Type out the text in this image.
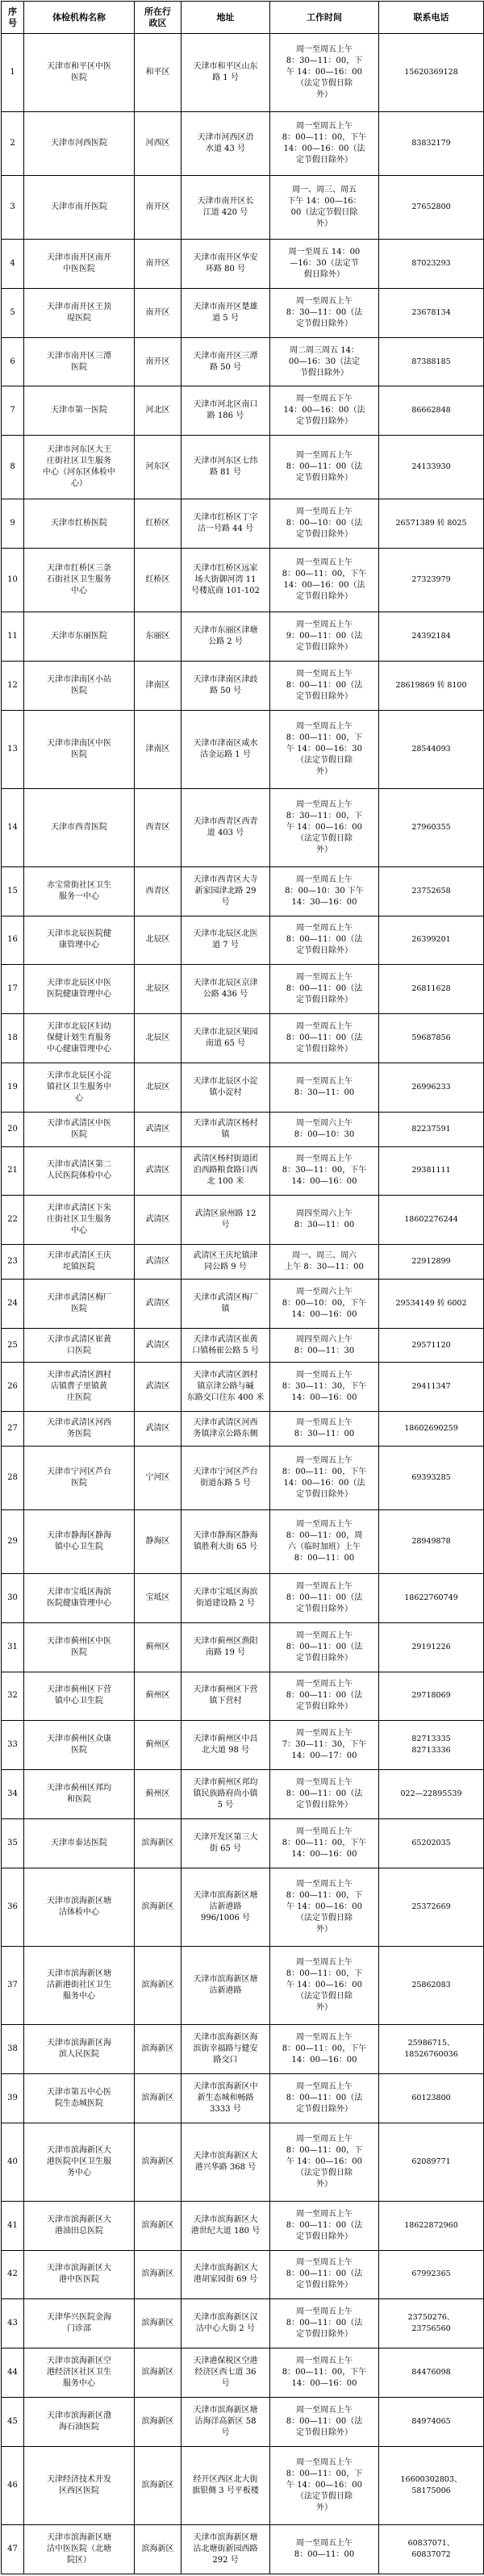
序
号	体检机构名称	所在行
政区	地址	工作时间	联系电话
1	天津市和平区中医
医院	和平区	天津市和平区山东
路 1 号	周一至周五上午
8：30—11：00，下
午 14：00—16：00
（法定节假日除
外）	15620369128
2	天津市河西医院	河西区	天津市河西区浯
水道 43 号	周一至周五上午
8：00—11：00，下午
14：00—16：00（法
定节假日除外）	83832179
3	天津市南开医院	南开区	天津市南开区长
江道 420 号	周一、周三、周五
下午 14：00—16：
00（法定节假日除
外）	27652800
4	天津市南开区南开
中医医院	南开区	天津市南开区华安
环路 80 号	周一至周五 14：00
—16：30（法定节
假日除外）	87023293
5	天津市南开区王顶
堤医院	南开区	天津市南开区楚雄
道 5 号	周一至周五上午
8：30—11：00（法
定节假日除外）	23678134
6	天津市南开区三潭
医院	南开区	天津市南开区三潭
路 50 号	周二周三周五 14：
00—16：30（法定
节假日除外）	87388185
7	天津市第一医院	河北区	天津市河北区南口
路 186 号	周一至周五下午
14：00—16：00（法
定节假日除外）	86662848
8	天津市河东区大王
庄街社区卫生服务
中心（河东区体检中
心）	河东区	天津市河东区七纬
路 81 号	周一至周五上午
8：00—11：00（法
定节假日除外）	24133930
9	天津市红桥医院	红桥区	天津市红桥区丁字
沽一号路 44 号	周一至周五上午
8：00—10：00（法
定节假日除外）	26571389 转 8025
10	天津市红桥区三条
石街社区卫生服务
中心	红桥区	天津市红桥区远家
场大街御河湾 11
号楼底商 101-102	周一至周五上午
8：00—11：00，下午
14：00—16：00（法
定节假日除外）	27323979
11	天津市东丽医院	东丽区	天津市东丽区津塘
公路 2 号	周一至周五上午
9：00—11：00（法
定节假日除外）	24392184
12	天津市津南区小站
医院	津南区	天津市津南区津歧
路 50 号	周一至周五上午
8：00—11：00（法
定节假日除外）	28619869 转 8100
13	天津市津南区中医
医院	津南区	天津市津南区咸水
沽金运路 1 号	周一至周五上午
8：00—11：00，下
午 14：00—16：30
（法定节假日除
外）	28544093
14	天津市西青医院	西青区	天津市西青区西青
道 403 号	周一至周五上午
8：30—11：00，下
午 14：00—16：00
（法定节假日除
外）	27960355
15	赤宝常街社区卫生
服务一中心	西青区	天津市西青区大寺
新家园津北路 29
号	周一至周五上午
8：00—10：30 下午
14：30—16：00	23752658
16	天津市北辰医院健
康管理中心	北辰区	天津市北辰区北医
道 7 号	周一至周五上午
8：00—11：00（法
定节假日除外）	26399201
17	天津市北辰区中医
医院健康管理中心	北辰区	天津市北辰区京津
公路 436 号	周一至周五上午
8：00—11：00（法
定节假日除外）	26811628
18	天津市北辰区妇幼
保健计划生育服务
中心健康管理中心	北辰区	天津市北辰区果园
南道 65 号	周一至周五上午
8：00—11：00（法
定节假日除外）	59687856
19	天津市北辰区小淀
镇社区卫生服务中
心	北辰区	天津市北辰区小淀
镇小淀村	周一至周五上午
8：30—11：00	26996233
20	天津市武清区中医
医院	武清区	天津市武清区杨村
镇	周一至周六上午
8：00—10：30	82237591
21	天津市武清区第二
人民医院体检中心	武清区	武清区杨村街道团
泊西路粮食路口西
北 100 米	周一至周五上午
8：30—11：00，下午
14：00—16：00	29381111
22	天津市武清区下朱
庄街社区卫生服务
中心	武清区	武清区泉州路 12
号	周四至周六上午
8：30—11：00	18602276244
23	天津市武清区王庆
坨镇医院	武清区	武清区王庆坨镇津
同公路 9 号	周一、周三、周六
上午 8：30—11：00	22912899
24	天津市武清区梅厂
医院	武清区	天津市武清区梅厂
镇	周一至周六上午
8：00—10：00，下午
14：00—16：00	29534149 转 6002
25	天津市武清区崔黄
口医院	武清区	天津市武清区崔黄
口镇杨崔公路 5 号	周四至周六上午
8：00—11：30	29571120
26	天津市武清区泗村
店镇曹子里镇黄
庄医院	武清区	天津市武清区泗村
镇京津公路与碱
东路交口往东 400 米	周一至周五上午
8：30—11：30，下午
14：00—16：00	29411347
27	天津市武清区河西
务医院	武清区	天津市武清区河西
务镇津京公路东侧	周一至周五上午
8：30—11：00	18602690259
28	天津市宁河区芦台
医院	宁河区	天津市宁河区芦台
街道东路 5 号	周一至周五上午
8：00—11：00，下午
14：00—16：00（法
定节假日除外）	69393285
29	天津市静海区静海
镇中心卫生院	静海区	天津市静海区静海
镇胜利大街 65 号	周一至周五上午
8：00—11：00，周
六（临时加班）上午
8：00—11：00	28949878
30	天津市宝坻区海滨
医院健康管理中心	宝坻区	天津市宝坻区海滨
街道建设路 2 号	周一至周五上午
8：00—11：00（法
定节假日除外）	18622760749
31	天津市蓟州区中医
医院	蓟州区	天津市蓟州区渔阳
南路 19 号	周一至周五上午
8：00—11：00（法
定节假日除外）	29191226
32	天津市蓟州区下营
镇中心卫生院	蓟州区	天津市蓟州区下营
镇下营村	周一至周五上午
8：00—11：00（法
定节假日除外）	29718069
33	天津市蓟州区众康
医院	蓟州区	天津市蓟州区中昌
北大道 98 号	周一至周五上午
7：30—11：30，下午
14：00—17：00	82713335
82713336
34	天津市蓟州区邦均
和医院	蓟州区	天津市蓟州区邦均
镇民族路府尚小镇
5 号	周一至周五上午
8：00—11：00（法
定节假日除外）	022—22895539
35	天津市泰达医院	滨海新区	天津开发区第三大
街 65 号	周一至周五上午
8：00—11：00，下午
14：00—16：00	65202035
36	天津市滨海新区塘
沽体检中心	滨海新区	天津市滨海新区塘
沽新港路
996/1006 号	周一至周五上午
8：00—11：00，下
午 14：00—16：00
（法定节假日除
外）	25372669
37	天津市滨海新区塘
沽新港街社区卫生
服务中心	滨海新区	天津市滨海新区塘
沽新港路	周一至周五上午
8：00—11：00，下
午 14：00—16：00
（法定节假日除
外）	25862083
38	天津市滨海新区海
滨人民医院	滨海新区	天津市滨海新区海
滨街幸福路与健安
路交口	周一至周五上午
8：00—11：00，下午
14：00—16：00	25986715、
18526760036
39	天津市第五中心医
院生态城医院	滨海新区	天津市滨海新区中
新生态城和畅路
3333 号	周一至周五上午
8：00—11：00（法
定节假日除外）	60123800
40	天津市滨海新区大
港医院中区卫生服
务中心	滨海新区	天津市滨海新区大
港兴华路 368 号	周一至周五上午
8：00—11：00，下
午 14：00—16：00
（法定节假日除
外）	62089771
41	天津市滨海新区大
港油田总医院	滨海新区	天津市滨海新区大
港世纪大道 180 号	周一至周五上午
8：00—11：00（法
定节假日除外）	18622872960
42	天津市滨海新区大
港中医医院	滨海新区	天津市滨海新区大
港胡家园街 69 号	周一至周五上午
8：00—11：00（法
定节假日除外）	67992365
43	天津华兴医院金海
门诊部	滨海新区	天津市滨海新区汉
沽中心大街 2 号	周一至周五上午
8：00—11：00（法
定节假日除外）	23750276、
23756560
44	天津市滨海新区空
港经济区社区卫生
服务中心	滨海新区	天津港保税区空港
经济区西七道 36
号	周一至周五上午
8：00—11：00，下午
14：00—16：00	84476098
45	天津市滨海新区渤
海石油医院	滨海新区	天津市滨海新区塘
沽海洋高新区 58
号	周一至周五上午
8：00—11：00（法
定节假日除外）	84974065
46	天津经济技术开发
区西区医院	滨海新区	经开区西区北大街
旗银侧 3 号平板楼	周一至周五上午
8：00—11：00，下
午 14：00—16：00
（法定节假日除
外）	16600302803、
58175006
47	天津市滨海新区塘
沽中医医院（北塘
院区）	滨海新区	天津市滨海新区塘
沽北塘街新园西路
292 号	周一至周五上午
8：00—11：00	60837071、
60837072
